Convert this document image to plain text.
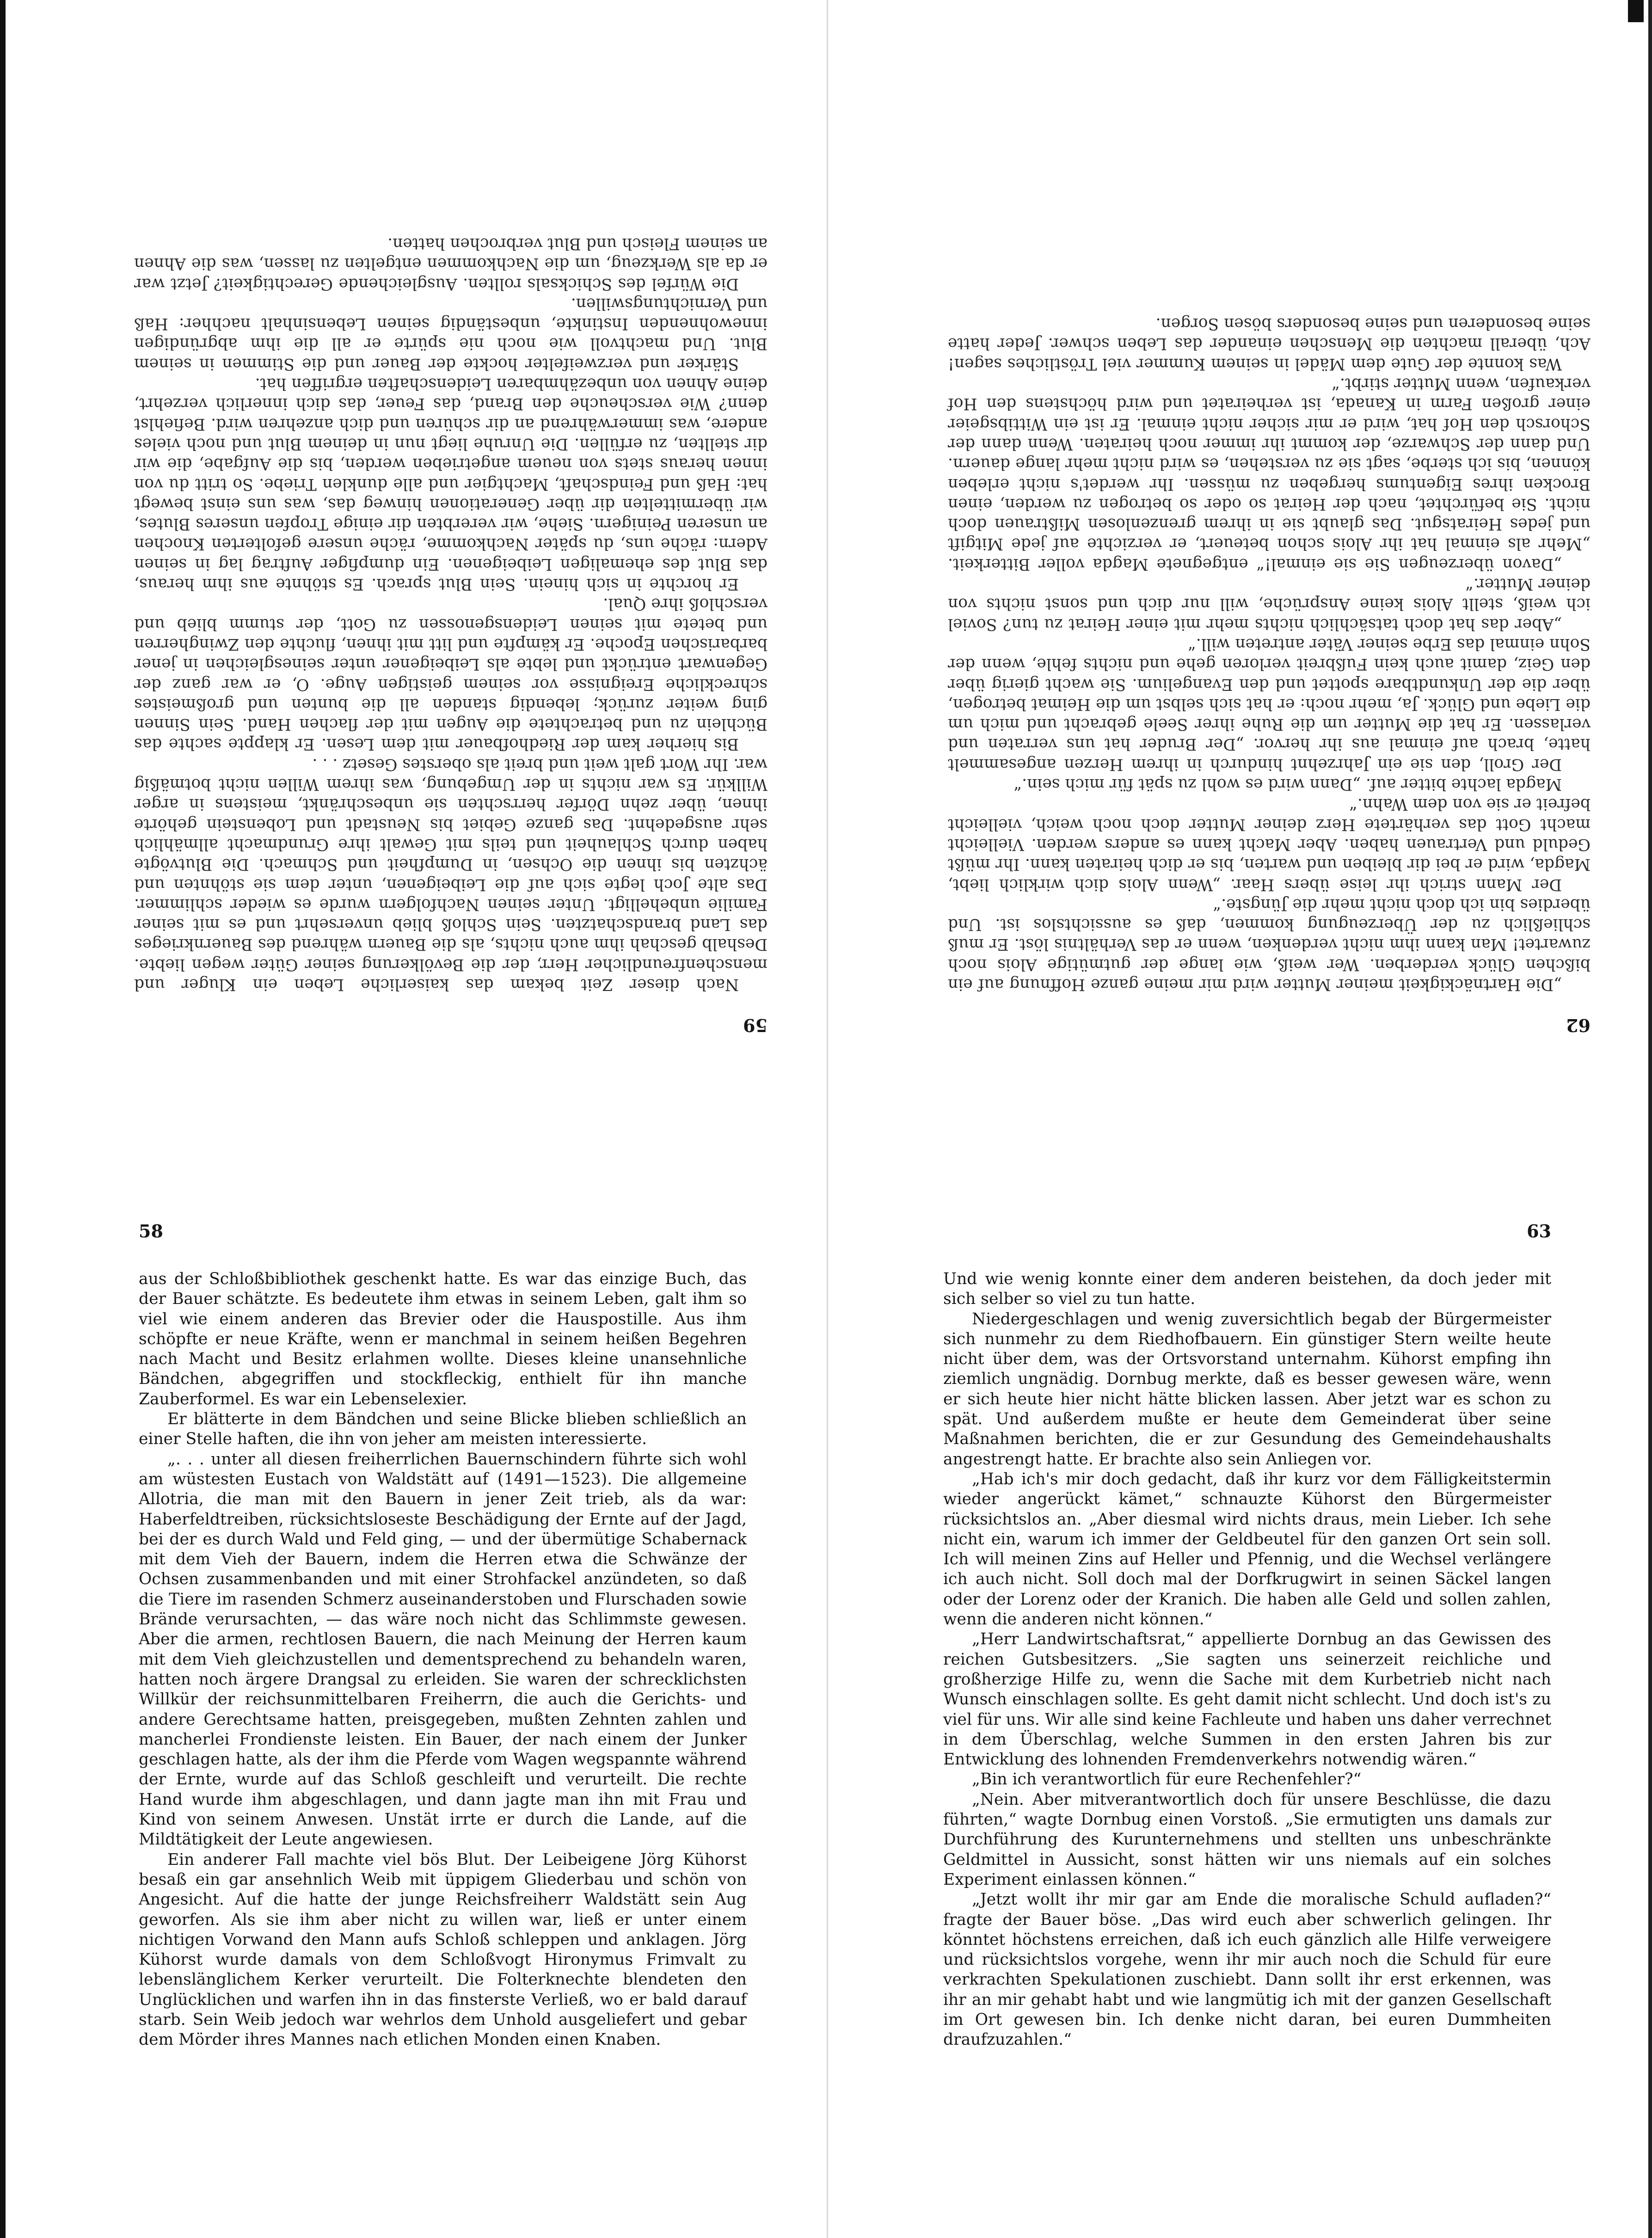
62

„Die Hartnäckigkeit meiner Mutter wird mir meine ganze Hoffnung auf ein bißchen Glück verderben. Wer weiß, wie lange der gutmütige Alois noch zuwartet! Man kann ihm nicht verdenken, wenn er das Verhältnis löst. Er muß schließlich zu der Überzeugung kommen, daß es aussichtslos ist. Und überdies bin ich doch nicht mehr die Jüngste.“

Der Mann strich ihr leise übers Haar. „Wenn Alois dich wirklich liebt, Magda, wird er bei dir bleiben und warten, bis er dich heiraten kann. Ihr müßt Geduld und Vertrauen haben. Aber Macht kann es anders werden. Vielleicht macht Gott das verhärtete Herz deiner Mutter doch noch weich, vielleicht befreit er sie von dem Wahn.“

Magda lachte bitter auf. „Dann wird es wohl zu spät für mich sein.“

Der Groll, den sie ein Jahrzehnt hindurch in ihrem Herzen angesammelt hatte, brach auf einmal aus ihr hervor. „Der Bruder hat uns verraten und verlassen. Er hat die Mutter um die Ruhe ihrer Seele gebracht und mich um die Liebe und Glück. Ja, mehr noch: er hat sich selbst um die Heimat betrogen, über die der Unkundtbare spottet und den Evangelium. Sie wacht gierig über den Geiz, damit auch kein Fußbreit verloren gehe und nichts fehle, wenn der Sohn einmal das Erbe seiner Väter antreten will.“

„Aber das hat doch tatsächlich nichts mehr mit einer Heirat zu tun? Soviel ich weiß, stellt Alois keine Ansprüche, will nur dich und sonst nichts von deiner Mutter.“

„Davon überzeugen Sie sie einmal!“ entgegnete Magda voller Bitterkeit. „Mehr als einmal hat ihr Alois schon beteuert, er verzichte auf jede Mitgift und jedes Heiratsgut. Das glaubt sie in ihrem grenzenlosen Mißtrauen doch nicht. Sie befürchtet, nach der Heirat so oder so betrogen zu werden, einen Brocken ihres Eigentums hergeben zu müssen. Ihr werdet's nicht erleben können, bis ich sterbe, sagt sie zu verstehen, es wird nicht mehr lange dauern. Und dann der Schwarze, der kommt ihr immer noch heiraten. Wenn dann der Schorsch den Hof hat, wird er mir sicher nicht einmal. Er ist ein Wittibsgeier einer großen Farm in Kanada, ist verheiratet und wird höchstens den Hof verkaufen, wenn Mutter stirbt.“

Was konnte der Gute dem Mädel in seinem Kummer viel Tröstliches sagen! Ach, überall machten die Menschen einander das Leben schwer. Jeder hatte seine besonderen und seine besonders bösen Sorgen.

59

Nach dieser Zeit bekam das kaiserliche Leben ein Kluger und menschenfreundlicher Herr, der die Bevölkerung seiner Güter wegen liebte. Deshalb geschah ihm auch nichts, als die Bauern während des Bauernkrieges das Land brandschatzten. Sein Schloß blieb unversehrt und es mit seiner Familie unbehelligt. Unter seinen Nachfolgern wurde es wieder schlimmer. Das alte Joch legte sich auf die Leibeigenen, unter dem sie stöhnten und ächzten bis ihnen die Ochsen, in Dumpfheit und Schmach. Die Blutvögte haben durch Schlauheit und teils mit Gewalt ihre Grundmacht allmählich sehr ausgedehnt. Das ganze Gebiet bis Neustadt und Lobenstein gehörte ihnen, über zehn Dörfer herrschten sie unbeschränkt, meistens in arger Willkür. Es war nichts in der Umgebung, was ihrem Willen nicht botmäßig war. Ihr Wort galt weit und breit als oberstes Gesetz . . .

Bis hierher kam der Riedhofbauer mit dem Lesen. Er klappte sachte das Büchlein zu und betrachtete die Augen mit der flachen Hand. Sein Sinnen ging weiter zurück; lebendig standen all die bunten und großmeistes schreckliche Ereignisse vor seinem geistigen Auge. O, er war ganz der Gegenwart entrückt und lebte als Leibeigener unter seinesgleichen in jener barbarischen Epoche. Er kämpfte und litt mit ihnen, fluchte den Zwingherren und betete mit seinen Leidensgenossen zu Gott, der stumm blieb und verschloß ihre Qual.

Er horchte in sich hinein. Sein Blut sprach. Es stöhnte aus ihm heraus, das Blut des ehemaligen Leibeigenen. Ein dumpfiger Auftrag lag in seinen Adern: räche uns, du später Nachkomme, räche unsere gefolterten Knochen an unseren Peinigern. Siehe, wir vererbten dir einige Tropfen unseres Blutes, wir übermittelten dir über Generationen hinweg das, was uns einst bewegt hat: Haß und Feindschaft, Machtgier und alle dunklen Triebe. So tritt du von innen heraus stets von neuem angetrieben werden, bis die Aufgabe, die wir dir stellten, zu erfüllen. Die Unruhe liegt nun in deinem Blut und noch vieles andere, was immerwährend an dir schüren und dich anzehren wird. Befiehlst denn? Wie verscheuche den Brand, das Feuer, das dich innerlich verzehrt, deine Ahnen von unbezähmbaren Leidenschaften ergriffen hat.

Stärker und verzweifelter hockte der Bauer und die Stimmen in seinem Blut. Und machtvoll wie noch nie spürte er all die ihm abgründigen innewohnenden Instinkte, unbeständig seinen Lebensinhalt nachher: Haß und Vernichtungswillen.

Die Würfel des Schicksals rollten. Ausgleichende Gerechtigkeit? Jetzt war er da als Werkzeug, um die Nachkommen entgelten zu lassen, was die Ahnen an seinem Fleisch und Blut verbrochen hatten.

58

aus der Schloßbibliothek geschenkt hatte. Es war das einzige Buch, das der Bauer schätzte. Es bedeutete ihm etwas in seinem Leben, galt ihm so viel wie einem anderen das Brevier oder die Hauspostille. Aus ihm schöpfte er neue Kräfte, wenn er manchmal in seinem heißen Begehren nach Macht und Besitz erlahmen wollte. Dieses kleine unansehnliche Bändchen, abgegriffen und stockfleckig, enthielt für ihn manche Zauberformel. Es war ein Lebenselexier.

Er blätterte in dem Bändchen und seine Blicke blieben schließlich an einer Stelle haften, die ihn von jeher am meisten interessierte.

„. . . unter all diesen freiherrlichen Bauernschindern führte sich wohl am wüstesten Eustach von Waldstätt auf (1491—1523). Die allgemeine Allotria, die man mit den Bauern in jener Zeit trieb, als da war: Haberfeldtreiben, rücksichtsloseste Beschädigung der Ernte auf der Jagd, bei der es durch Wald und Feld ging, — und der übermütige Schabernack mit dem Vieh der Bauern, indem die Herren etwa die Schwänze der Ochsen zusammenbanden und mit einer Strohfackel anzündeten, so daß die Tiere im rasenden Schmerz auseinanderstoben und Flurschaden sowie Brände verursachten, — das wäre noch nicht das Schlimmste gewesen. Aber die armen, rechtlosen Bauern, die nach Meinung der Herren kaum mit dem Vieh gleichzustellen und dementsprechend zu behandeln waren, hatten noch ärgere Drangsal zu erleiden. Sie waren der schrecklichsten Willkür der reichsunmittelbaren Freiherrn, die auch die Gerichts- und andere Gerechtsame hatten, preisgegeben, mußten Zehnten zahlen und mancherlei Frondienste leisten. Ein Bauer, der nach einem der Junker geschlagen hatte, als der ihm die Pferde vom Wagen wegspannte während der Ernte, wurde auf das Schloß geschleift und verurteilt. Die rechte Hand wurde ihm abgeschlagen, und dann jagte man ihn mit Frau und Kind von seinem Anwesen. Unstät irrte er durch die Lande, auf die Mildtätigkeit der Leute angewiesen.

Ein anderer Fall machte viel bös Blut. Der Leibeigene Jörg Kühorst besaß ein gar ansehnlich Weib mit üppigem Gliederbau und schön von Angesicht. Auf die hatte der junge Reichsfreiherr Waldstätt sein Aug geworfen. Als sie ihm aber nicht zu willen war, ließ er unter einem nichtigen Vorwand den Mann aufs Schloß schleppen und anklagen. Jörg Kühorst wurde damals von dem Schloßvogt Hironymus Frimvalt zu lebenslänglichem Kerker verurteilt. Die Folterknechte blendeten den Unglücklichen und warfen ihn in das finsterste Verließ, wo er bald darauf starb. Sein Weib jedoch war wehrlos dem Unhold ausgeliefert und gebar dem Mörder ihres Mannes nach etlichen Monden einen Knaben.

63

Und wie wenig konnte einer dem anderen beistehen, da doch jeder mit sich selber so viel zu tun hatte.

Niedergeschlagen und wenig zuversichtlich begab der Bürgermeister sich nunmehr zu dem Riedhofbauern. Ein günstiger Stern weilte heute nicht über dem, was der Ortsvorstand unternahm. Kühorst empfing ihn ziemlich ungnädig. Dornbug merkte, daß es besser gewesen wäre, wenn er sich heute hier nicht hätte blicken lassen. Aber jetzt war es schon zu spät. Und außerdem mußte er heute dem Gemeinderat über seine Maßnahmen berichten, die er zur Gesundung des Gemeindehaushalts angestrengt hatte. Er brachte also sein Anliegen vor.

„Hab ich's mir doch gedacht, daß ihr kurz vor dem Fälligkeitstermin wieder angerückt kämet,“ schnauzte Kühorst den Bürgermeister rücksichtslos an. „Aber diesmal wird nichts draus, mein Lieber. Ich sehe nicht ein, warum ich immer der Geldbeutel für den ganzen Ort sein soll. Ich will meinen Zins auf Heller und Pfennig, und die Wechsel verlängere ich auch nicht. Soll doch mal der Dorfkrugwirt in seinen Säckel langen oder der Lorenz oder der Kranich. Die haben alle Geld und sollen zahlen, wenn die anderen nicht können.“

„Herr Landwirtschaftsrat,“ appellierte Dornbug an das Gewissen des reichen Gutsbesitzers. „Sie sagten uns seinerzeit reichliche und großherzige Hilfe zu, wenn die Sache mit dem Kurbetrieb nicht nach Wunsch einschlagen sollte. Es geht damit nicht schlecht. Und doch ist's zu viel für uns. Wir alle sind keine Fachleute und haben uns daher verrechnet in dem Überschlag, welche Summen in den ersten Jahren bis zur Entwicklung des lohnenden Fremdenverkehrs notwendig wären.“

„Bin ich verantwortlich für eure Rechenfehler?“

„Nein. Aber mitverantwortlich doch für unsere Beschlüsse, die dazu führten,“ wagte Dornbug einen Vorstoß. „Sie ermutigten uns damals zur Durchführung des Kuruntern​ehmens und stellten uns unbeschränkte Geldmittel in Aussicht, sonst hätten wir uns niemals auf ein solches Experiment einlassen können.“

„Jetzt wollt ihr mir gar am Ende die moralische Schuld aufladen?“ fragte der Bauer böse. „Das wird euch aber schwerlich gelingen. Ihr könntet höchstens erreichen, daß ich euch gänzlich alle Hilfe verweigere und rücksichtslos vorgehe, wenn ihr mir auch noch die Schuld für eure verkrachten Spekulationen zuschiebt. Dann sollt ihr erst erkennen, was ihr an mir gehabt habt und wie langmütig ich mit der ganzen Gesellschaft im Ort gewesen bin. Ich denke nicht daran, bei euren Dummheiten draufzuzahlen.“
